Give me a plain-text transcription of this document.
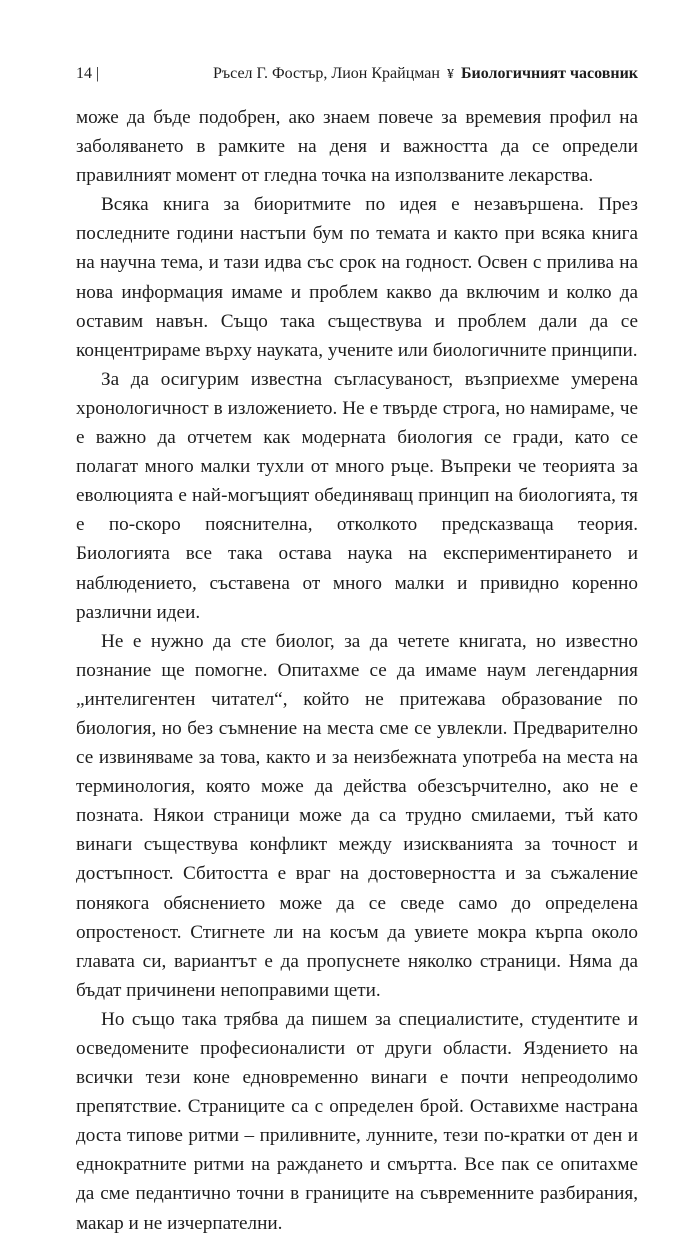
14 |	Ръсел Г. Фостър, Лион Крайцман ¥ Биологичният часовник

може да бъде подобрен, ако знаем повече за времевия профил на заболяването в рамките на деня и важността да се определи правилният момент от гледна точка на използваните лекарства.

Всяка книга за биоритмите по идея е незавършена. През последните години настъпи бум по темата и както при всяка книга на научна тема, и тази идва със срок на годност. Освен с прилива на нова информация имаме и проблем какво да включим и колко да оставим навън. Също така съществува и проблем дали да се концентрираме върху науката, учените или биологичните принципи.

За да осигурим известна съгласуваност, възприехме умерена хронологичност в изложението. Не е твърде строга, но намираме, че е важно да отчетем как модерната биология се гради, като се полагат много малки тухли от много ръце. Въпреки че теорията за еволюцията е най-могъщият обединяващ принцип на биологията, тя е по-скоро пояснителна, отколкото предсказваща теория. Биологията все така остава наука на експериментирането и наблюдението, съставена от много малки и привидно коренно различни идеи.

Не е нужно да сте биолог, за да четете книгата, но известно познание ще помогне. Опитахме се да имаме наум легендарния „интелигентен читател“, който не притежава образование по биология, но без съмнение на места сме се увлекли. Предварително се извиняваме за това, както и за неизбежната употреба на места на терминология, която може да действа обезсърчително, ако не е позната. Някои страници може да са трудно смилаеми, тъй като винаги съществува конфликт между изискванията за точност и достъпност. Сбитостта е враг на достоверността и за съжаление понякога обяснението може да се сведе само до определена опростеност. Стигнете ли на косъм да увиете мокра кърпа около главата си, вариантът е да пропуснете няколко страници. Няма да бъдат причинени непоправими щети.

Но също така трябва да пишем за специалистите, студентите и осведомените професионалисти от други области. Яздението на всички тези коне едновременно винаги е почти непреодолимо препятствие. Страниците са с определен брой. Оставихме настрана доста типове ритми – приливните, лунните, тези по-кратки от ден и еднократните ритми на раждането и смъртта. Все пак се опитахме да сме педантично точни в границите на съвременните разбирания, макар и не изчерпателни.
